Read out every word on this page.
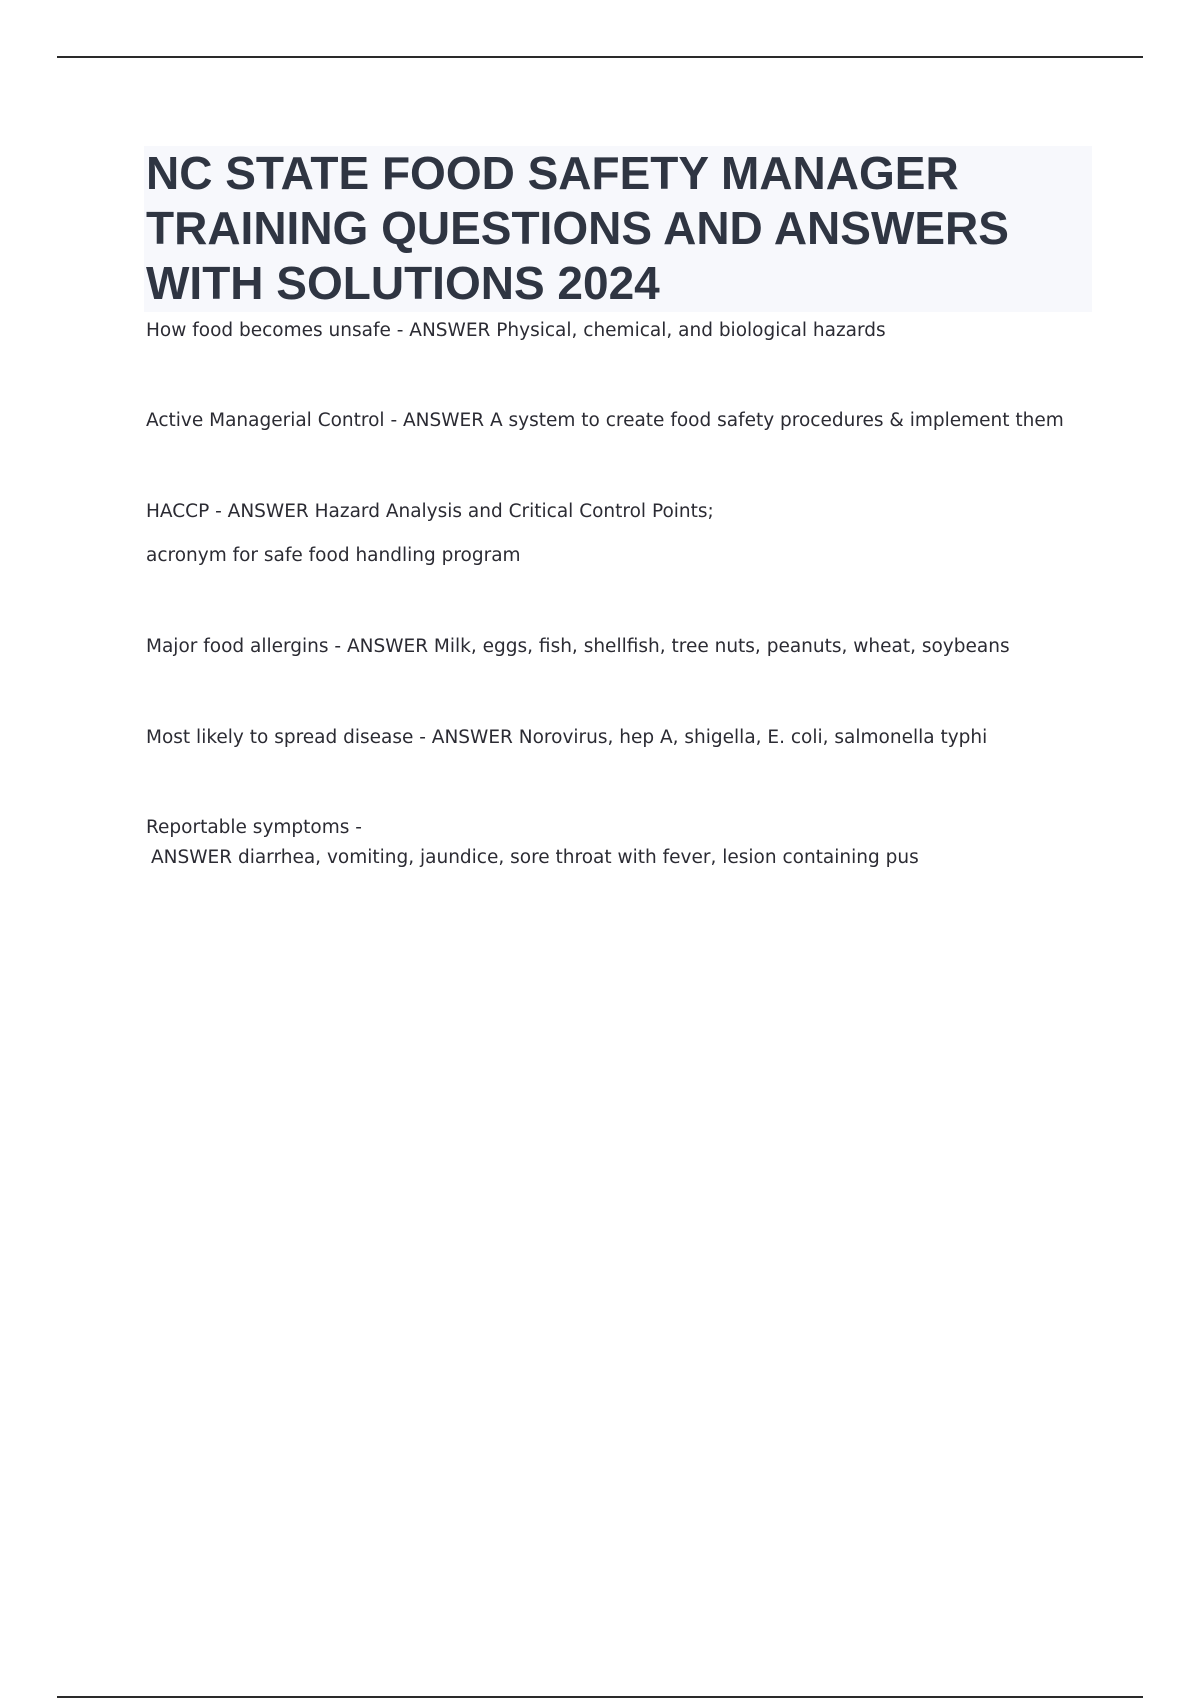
NC STATE FOOD SAFETY MANAGER
TRAINING QUESTIONS AND ANSWERS
WITH SOLUTIONS 2024
How food becomes unsafe - ANSWER Physical, chemical, and biological hazards
Active Managerial Control - ANSWER A system to create food safety procedures & implement them
HACCP - ANSWER Hazard Analysis and Critical Control Points;
acronym for safe food handling program
Major food allergins - ANSWER Milk, eggs, fish, shellfish, tree nuts, peanuts, wheat, soybeans
Most likely to spread disease - ANSWER Norovirus, hep A, shigella, E. coli, salmonella typhi
Reportable symptoms -
ANSWER diarrhea, vomiting, jaundice, sore throat with fever, lesion containing pus
